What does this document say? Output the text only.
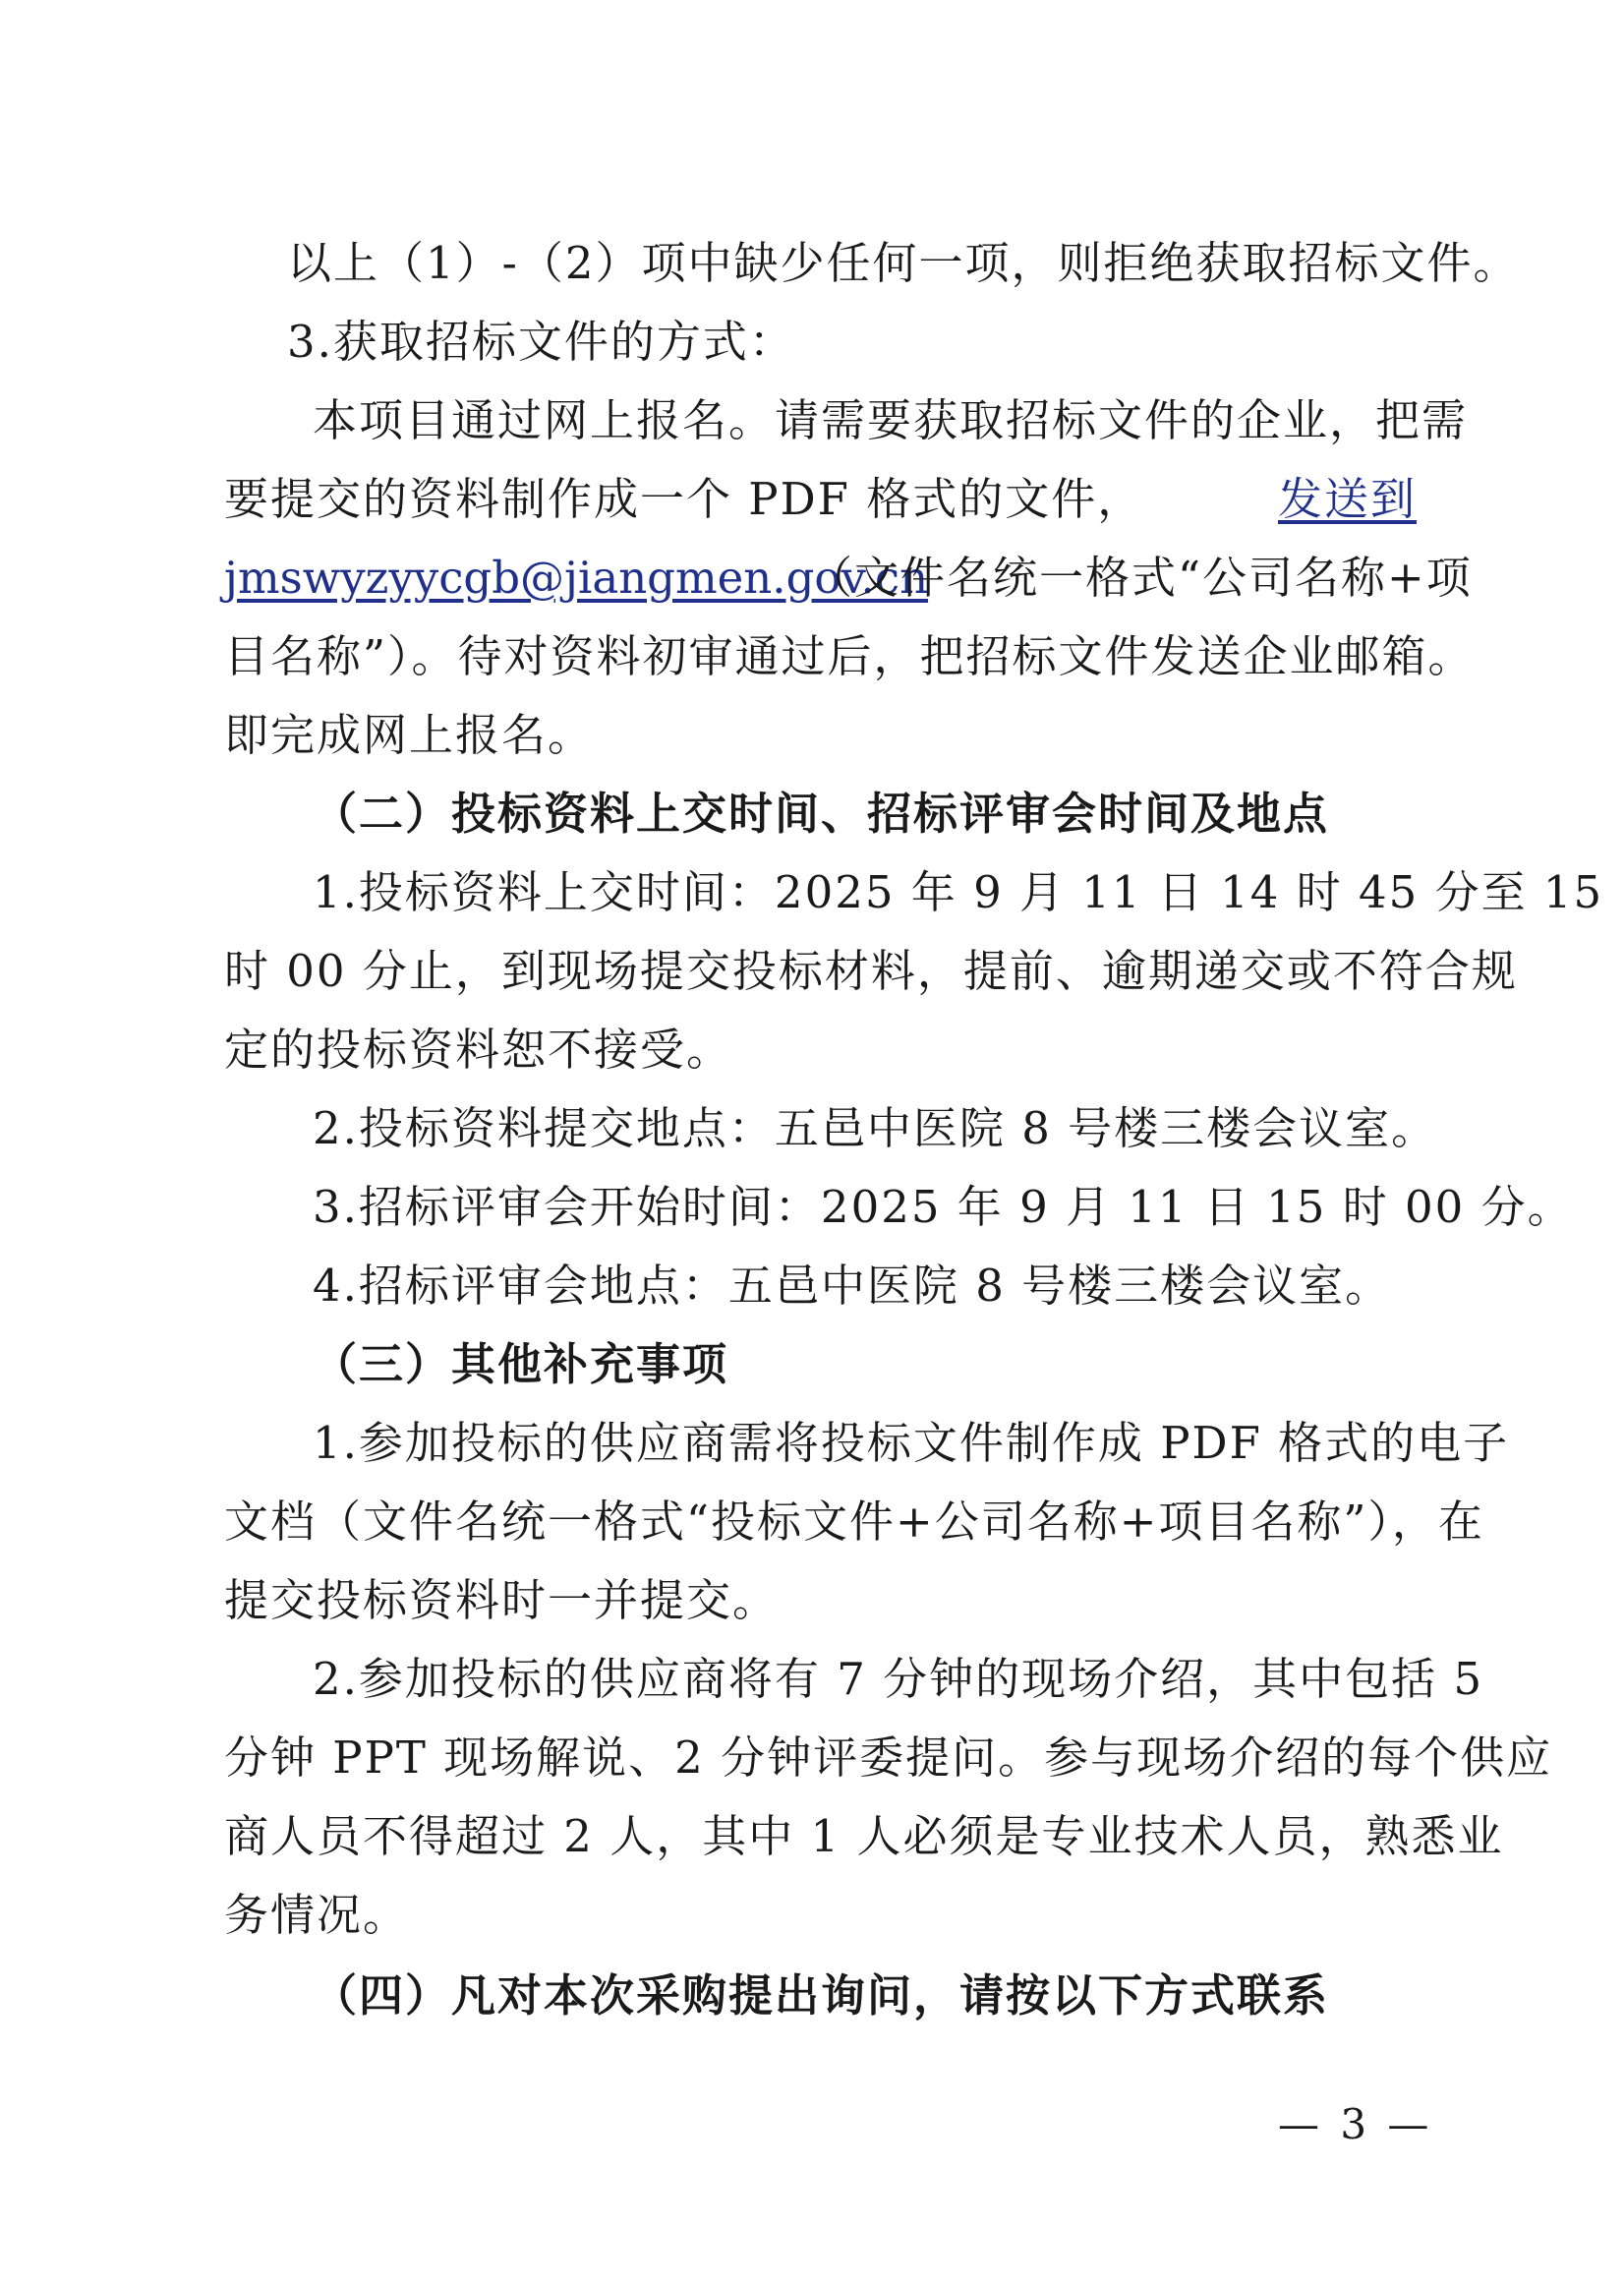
以上（1）-（2）项中缺少任何一项，则拒绝获取招标文件。
3.获取招标文件的方式：
本项目通过网上报名。请需要获取招标文件的企业，把需
要提交的资料制作成一个 PDF 格式的文件，	发送到
jmswyzyycgb@jiangmen.gov.cn
（文件名统一格式“公司名称+项
目名称”）。待对资料初审通过后，把招标文件发送企业邮箱。
即完成网上报名。
（二）投标资料上交时间、招标评审会时间及地点
1.投标资料上交时间：2025 年 9 月 11 日 14 时 45 分至 15
时 00 分止，到现场提交投标材料，提前、逾期递交或不符合规
定的投标资料恕不接受。
2.投标资料提交地点：五邑中医院 8 号楼三楼会议室。
3.招标评审会开始时间：2025 年 9 月 11 日 15 时 00 分。
4.招标评审会地点：五邑中医院 8 号楼三楼会议室。
（三）其他补充事项
1.参加投标的供应商需将投标文件制作成 PDF 格式的电子
文档（文件名统一格式“投标文件+公司名称+项目名称”），在
提交投标资料时一并提交。
2.参加投标的供应商将有 7 分钟的现场介绍，其中包括 5
分钟 PPT 现场解说、2 分钟评委提问。参与现场介绍的每个供应
商人员不得超过 2 人，其中 1 人必须是专业技术人员，熟悉业
务情况。
（四）凡对本次采购提出询问，请按以下方式联系
— 3 —
